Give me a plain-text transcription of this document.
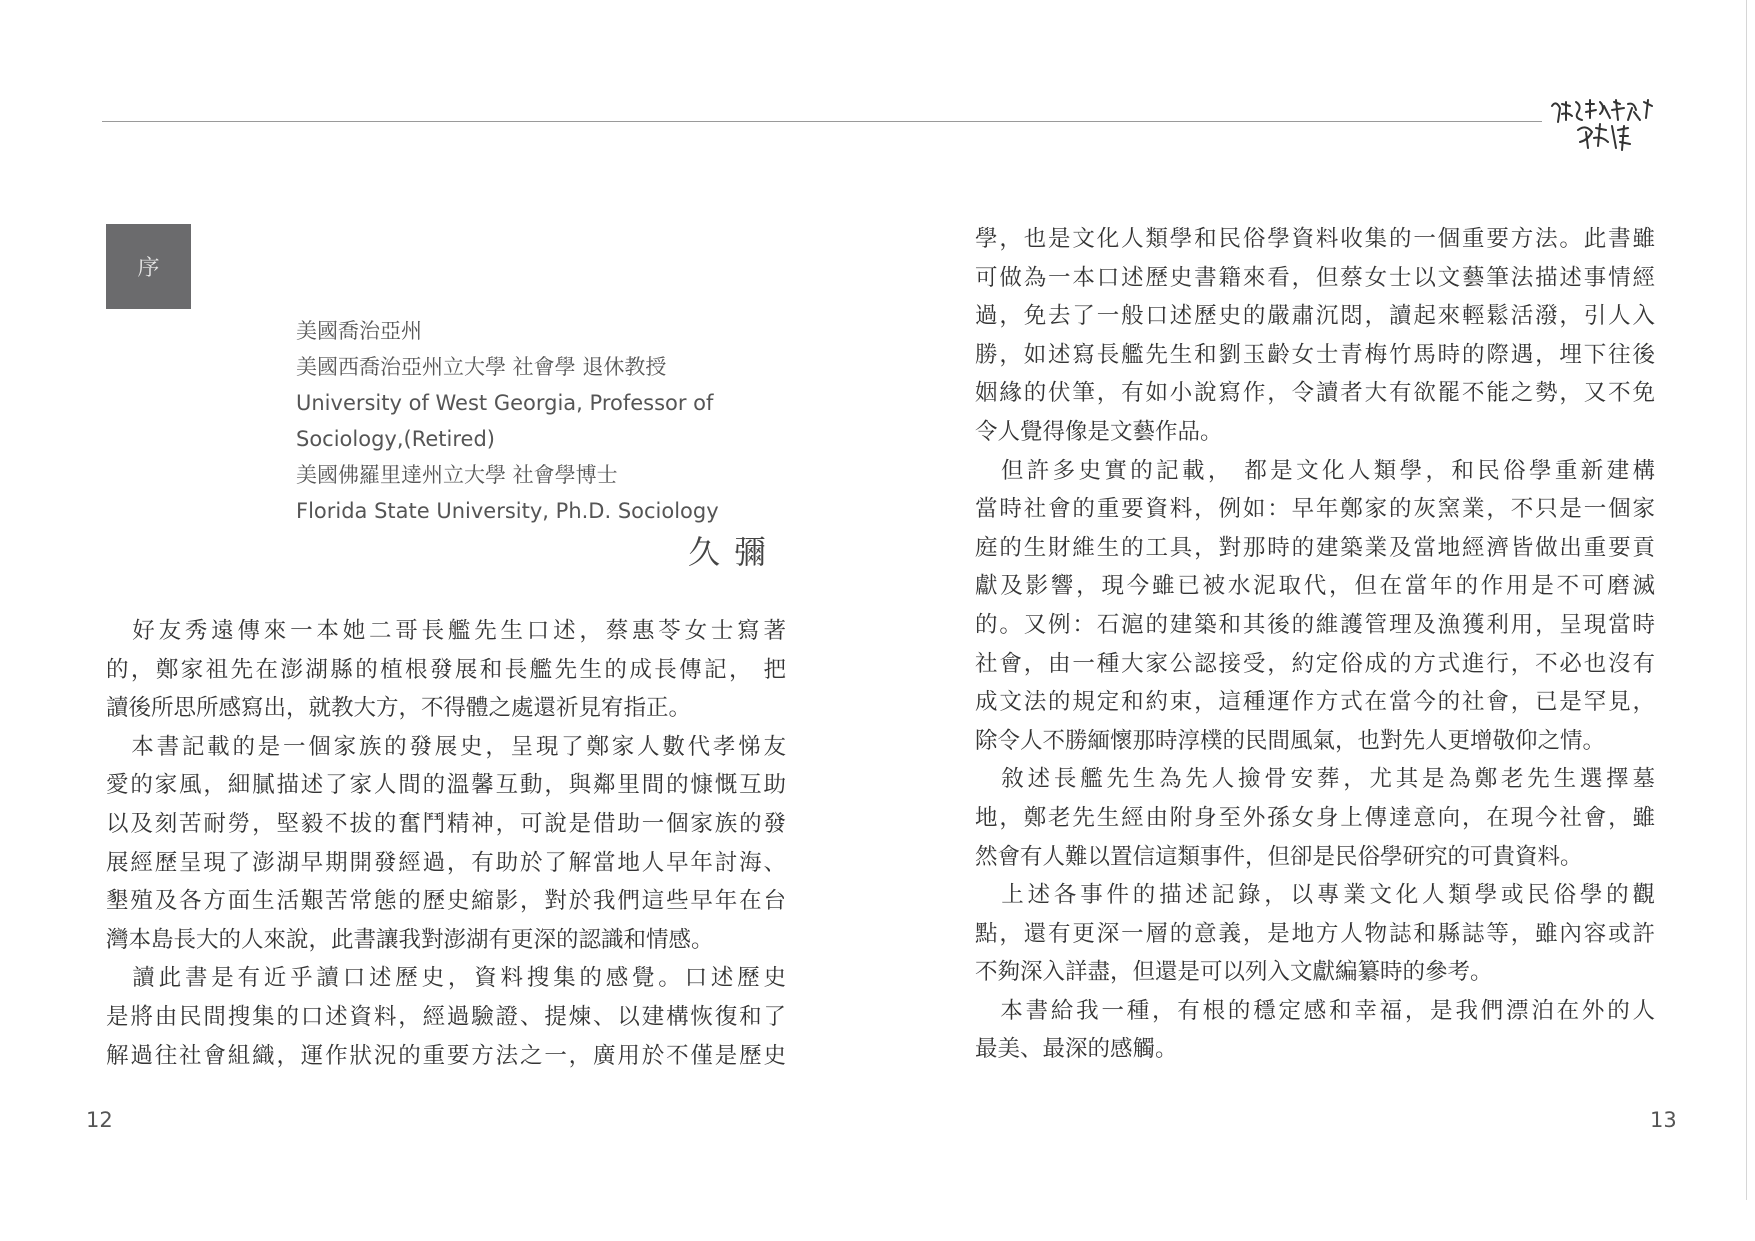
序
美國喬治亞州
美國西喬治亞州立大學 社會學 退休教授
University of West Georgia, Professor of
Sociology,(Retired)
美國佛羅里達州立大學 社會學博士
Florida State University, Ph.D. Sociology
久彌
　好友秀遠傳來一本她二哥長艦先生口述，蔡惠苓女士寫著
的，鄭家祖先在澎湖縣的植根發展和長艦先生的成長傳記， 把
讀後所思所感寫出，就教大方，不得體之處還祈見宥指正。
　本書記載的是一個家族的發展史，呈現了鄭家人數代孝悌友
愛的家風，細膩描述了家人間的溫馨互動，與鄰里間的慷慨互助
以及刻苦耐勞，堅毅不拔的奮鬥精神，可說是借助一個家族的發
展經歷呈現了澎湖早期開發經過，有助於了解當地人早年討海、
墾殖及各方面生活艱苦常態的歷史縮影，對於我們這些早年在台
灣本島長大的人來說，此書讓我對澎湖有更深的認識和情感。
　讀此書是有近乎讀口述歷史，資料搜集的感覺。口述歷史
是將由民間搜集的口述資料，經過驗證、提煉、以建構恢復和了
解過往社會組織，運作狀況的重要方法之一，廣用於不僅是歷史
學，也是文化人類學和民俗學資料收集的一個重要方法。此書雖
可做為一本口述歷史書籍來看，但蔡女士以文藝筆法描述事情經
過，免去了一般口述歷史的嚴肅沉悶，讀起來輕鬆活潑，引人入
勝，如述寫長艦先生和劉玉齡女士青梅竹馬時的際遇，埋下往後
姻緣的伏筆，有如小說寫作，令讀者大有欲罷不能之勢，又不免
令人覺得像是文藝作品。
　但許多史實的記載， 都是文化人類學，和民俗學重新建構
當時社會的重要資料，例如：早年鄭家的灰窯業，不只是一個家
庭的生財維生的工具，對那時的建築業及當地經濟皆做出重要貢
獻及影響，現今雖已被水泥取代，但在當年的作用是不可磨滅
的。又例：石滬的建築和其後的維護管理及漁獲利用，呈現當時
社會，由一種大家公認接受，約定俗成的方式進行，不必也沒有
成文法的規定和約束，這種運作方式在當今的社會，已是罕見，
除令人不勝緬懷那時淳樸的民間風氣，也對先人更增敬仰之情。
　敘述長艦先生為先人撿骨安葬，尤其是為鄭老先生選擇墓
地，鄭老先生經由附身至外孫女身上傳達意向，在現今社會，雖
然會有人難以置信這類事件，但卻是民俗學研究的可貴資料。
　上述各事件的描述記錄，以專業文化人類學或民俗學的觀
點，還有更深一層的意義，是地方人物誌和縣誌等，雖內容或許
不夠深入詳盡，但還是可以列入文獻編纂時的參考。
　本書給我一種，有根的穩定感和幸福，是我們漂泊在外的人
最美、最深的感觸。
12	13
